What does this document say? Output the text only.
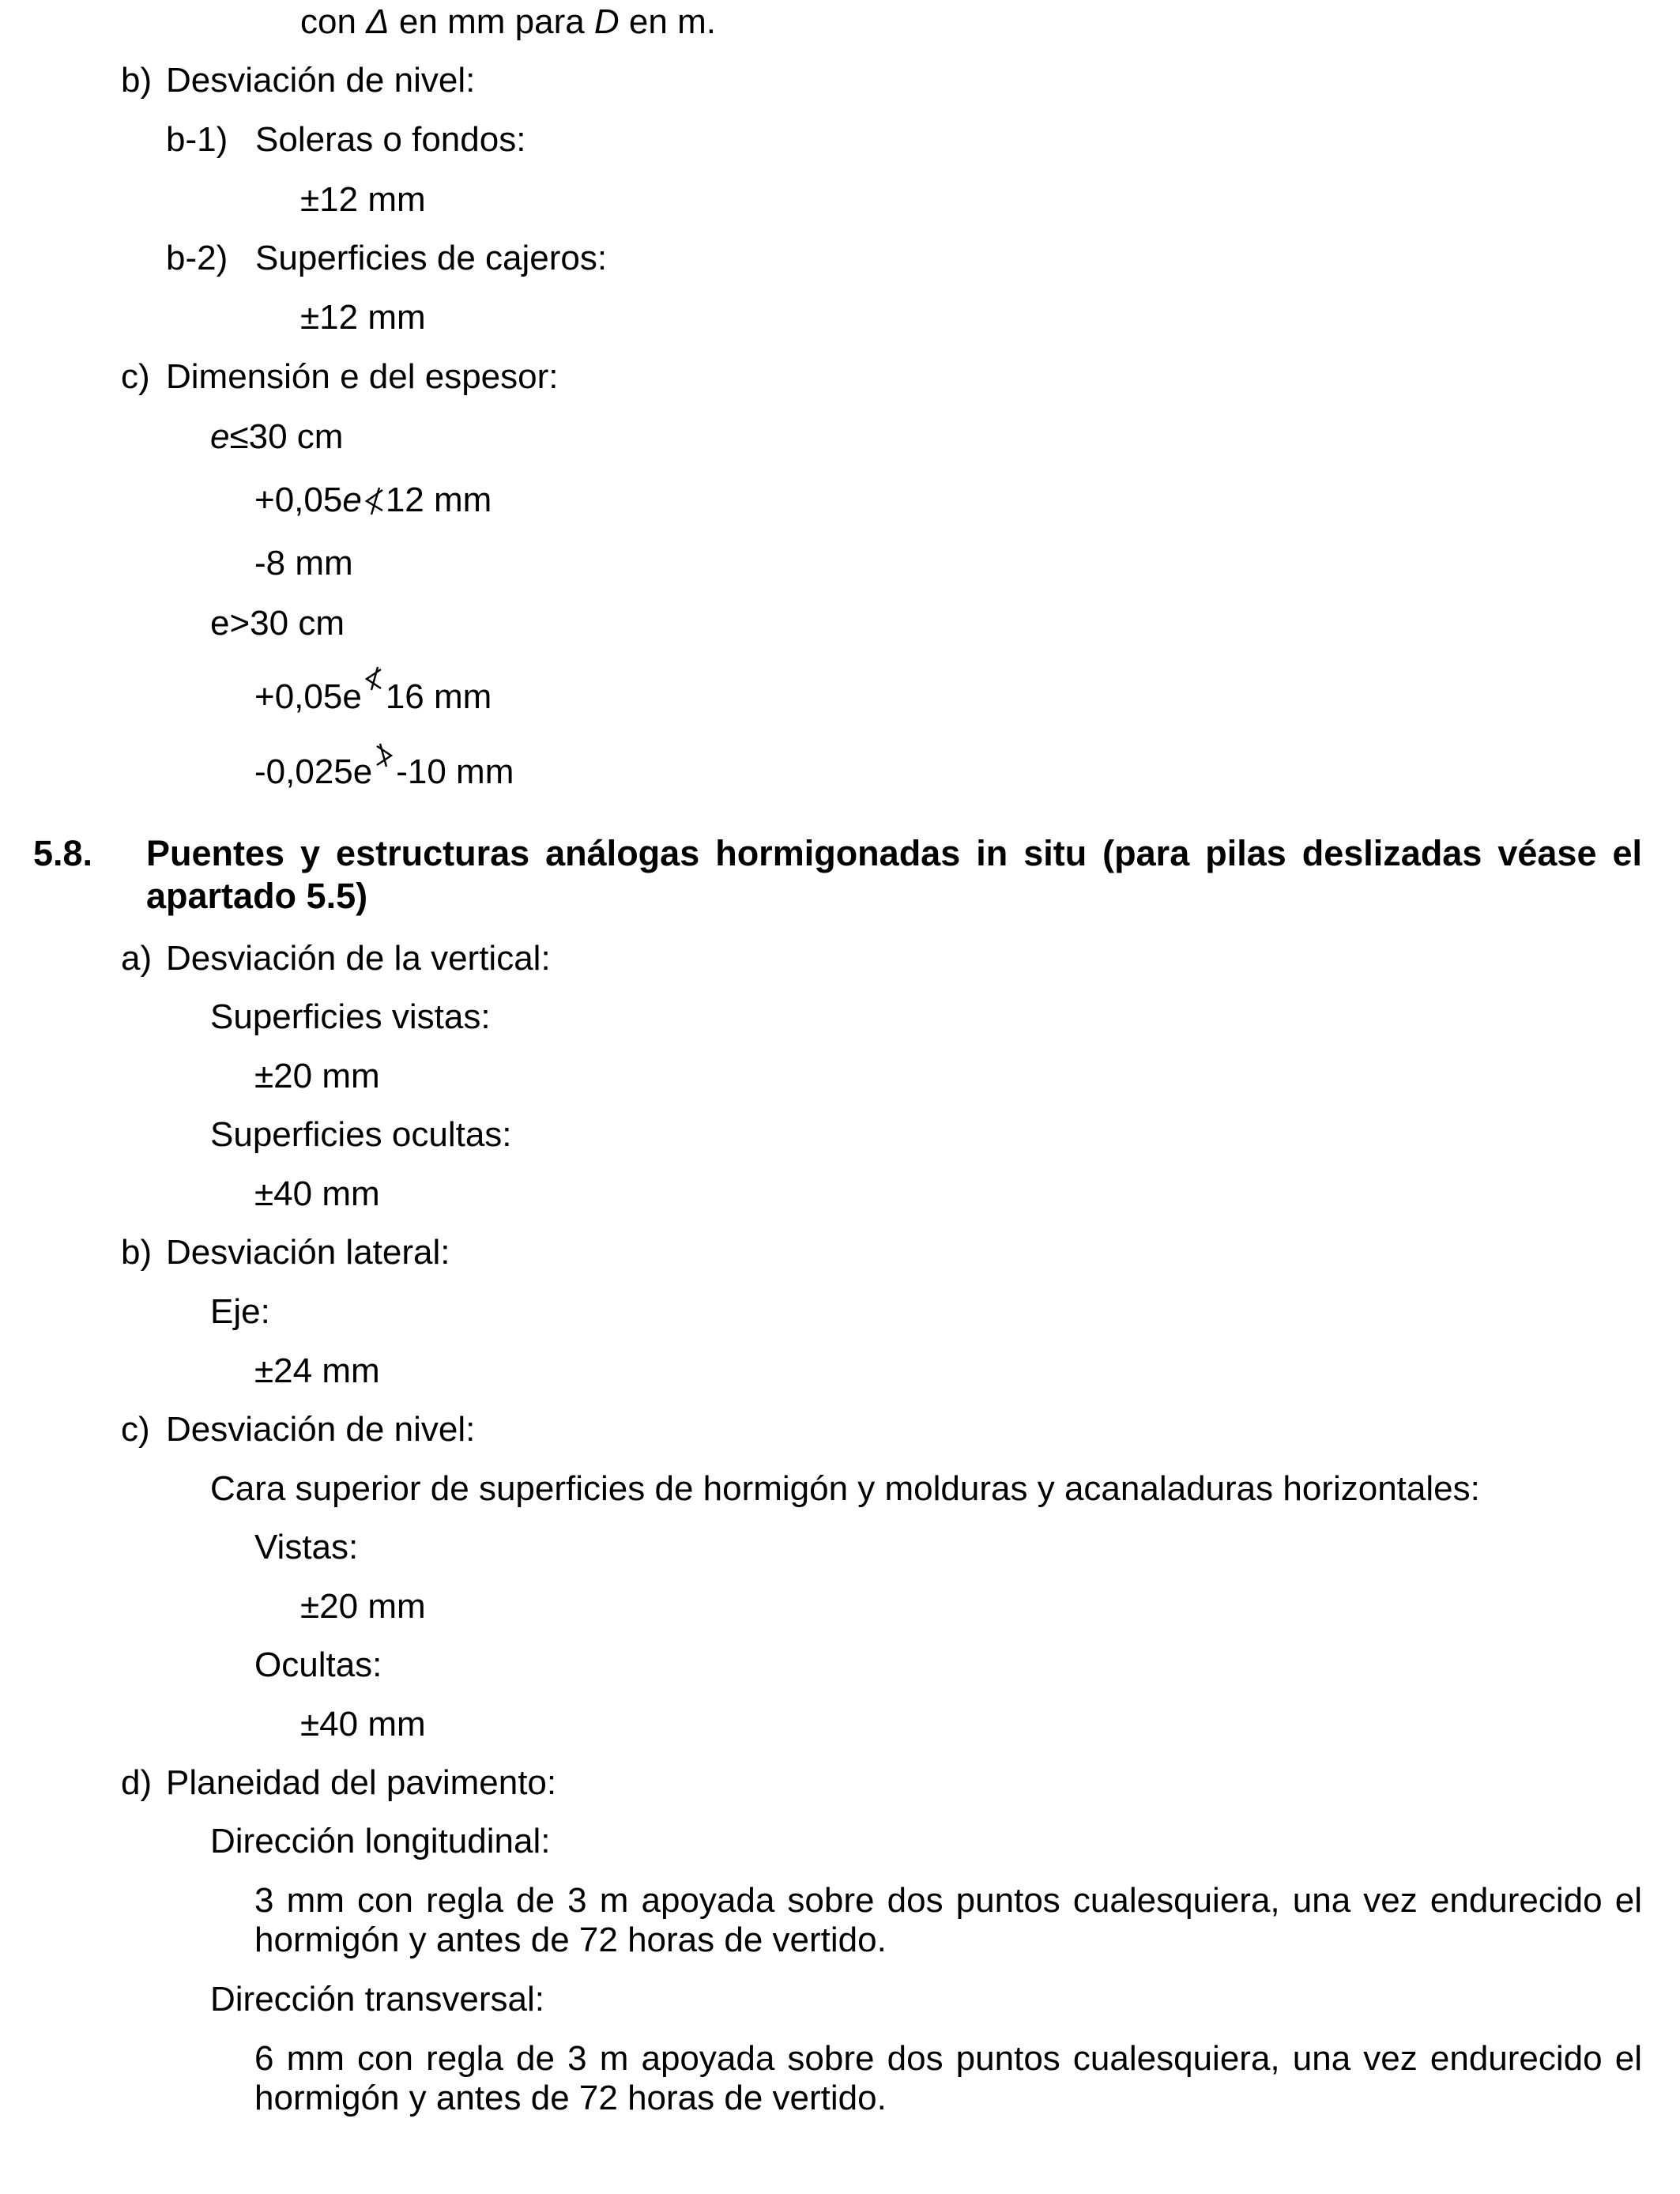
con Δ en mm para D en m.
b) Desviación de nivel:
b-1) Soleras o fondos:
±12 mm
b-2) Superficies de cajeros:
±12 mm
c) Dimensión e del espesor:
e≤30 cm
+0,05e 12 mm
-8 mm
e>30 cm
+0,05e 16 mm
-0,025e -10 mm
5.8. Puentes y estructuras análogas hormigonadas in situ (para pilas deslizadas véase el apartado 5.5)
a) Desviación de la vertical:
Superficies vistas:
±20 mm
Superficies ocultas:
±40 mm
b) Desviación lateral:
Eje:
±24 mm
c) Desviación de nivel:
Cara superior de superficies de hormigón y molduras y acanaladuras horizontales:
Vistas:
±20 mm
Ocultas:
±40 mm
d) Planeidad del pavimento:
Dirección longitudinal:
3 mm con regla de 3 m apoyada sobre dos puntos cualesquiera, una vez endurecido el hormigón y antes de 72 horas de vertido.
Dirección transversal:
6 mm con regla de 3 m apoyada sobre dos puntos cualesquiera, una vez endurecido el hormigón y antes de 72 horas de vertido.
